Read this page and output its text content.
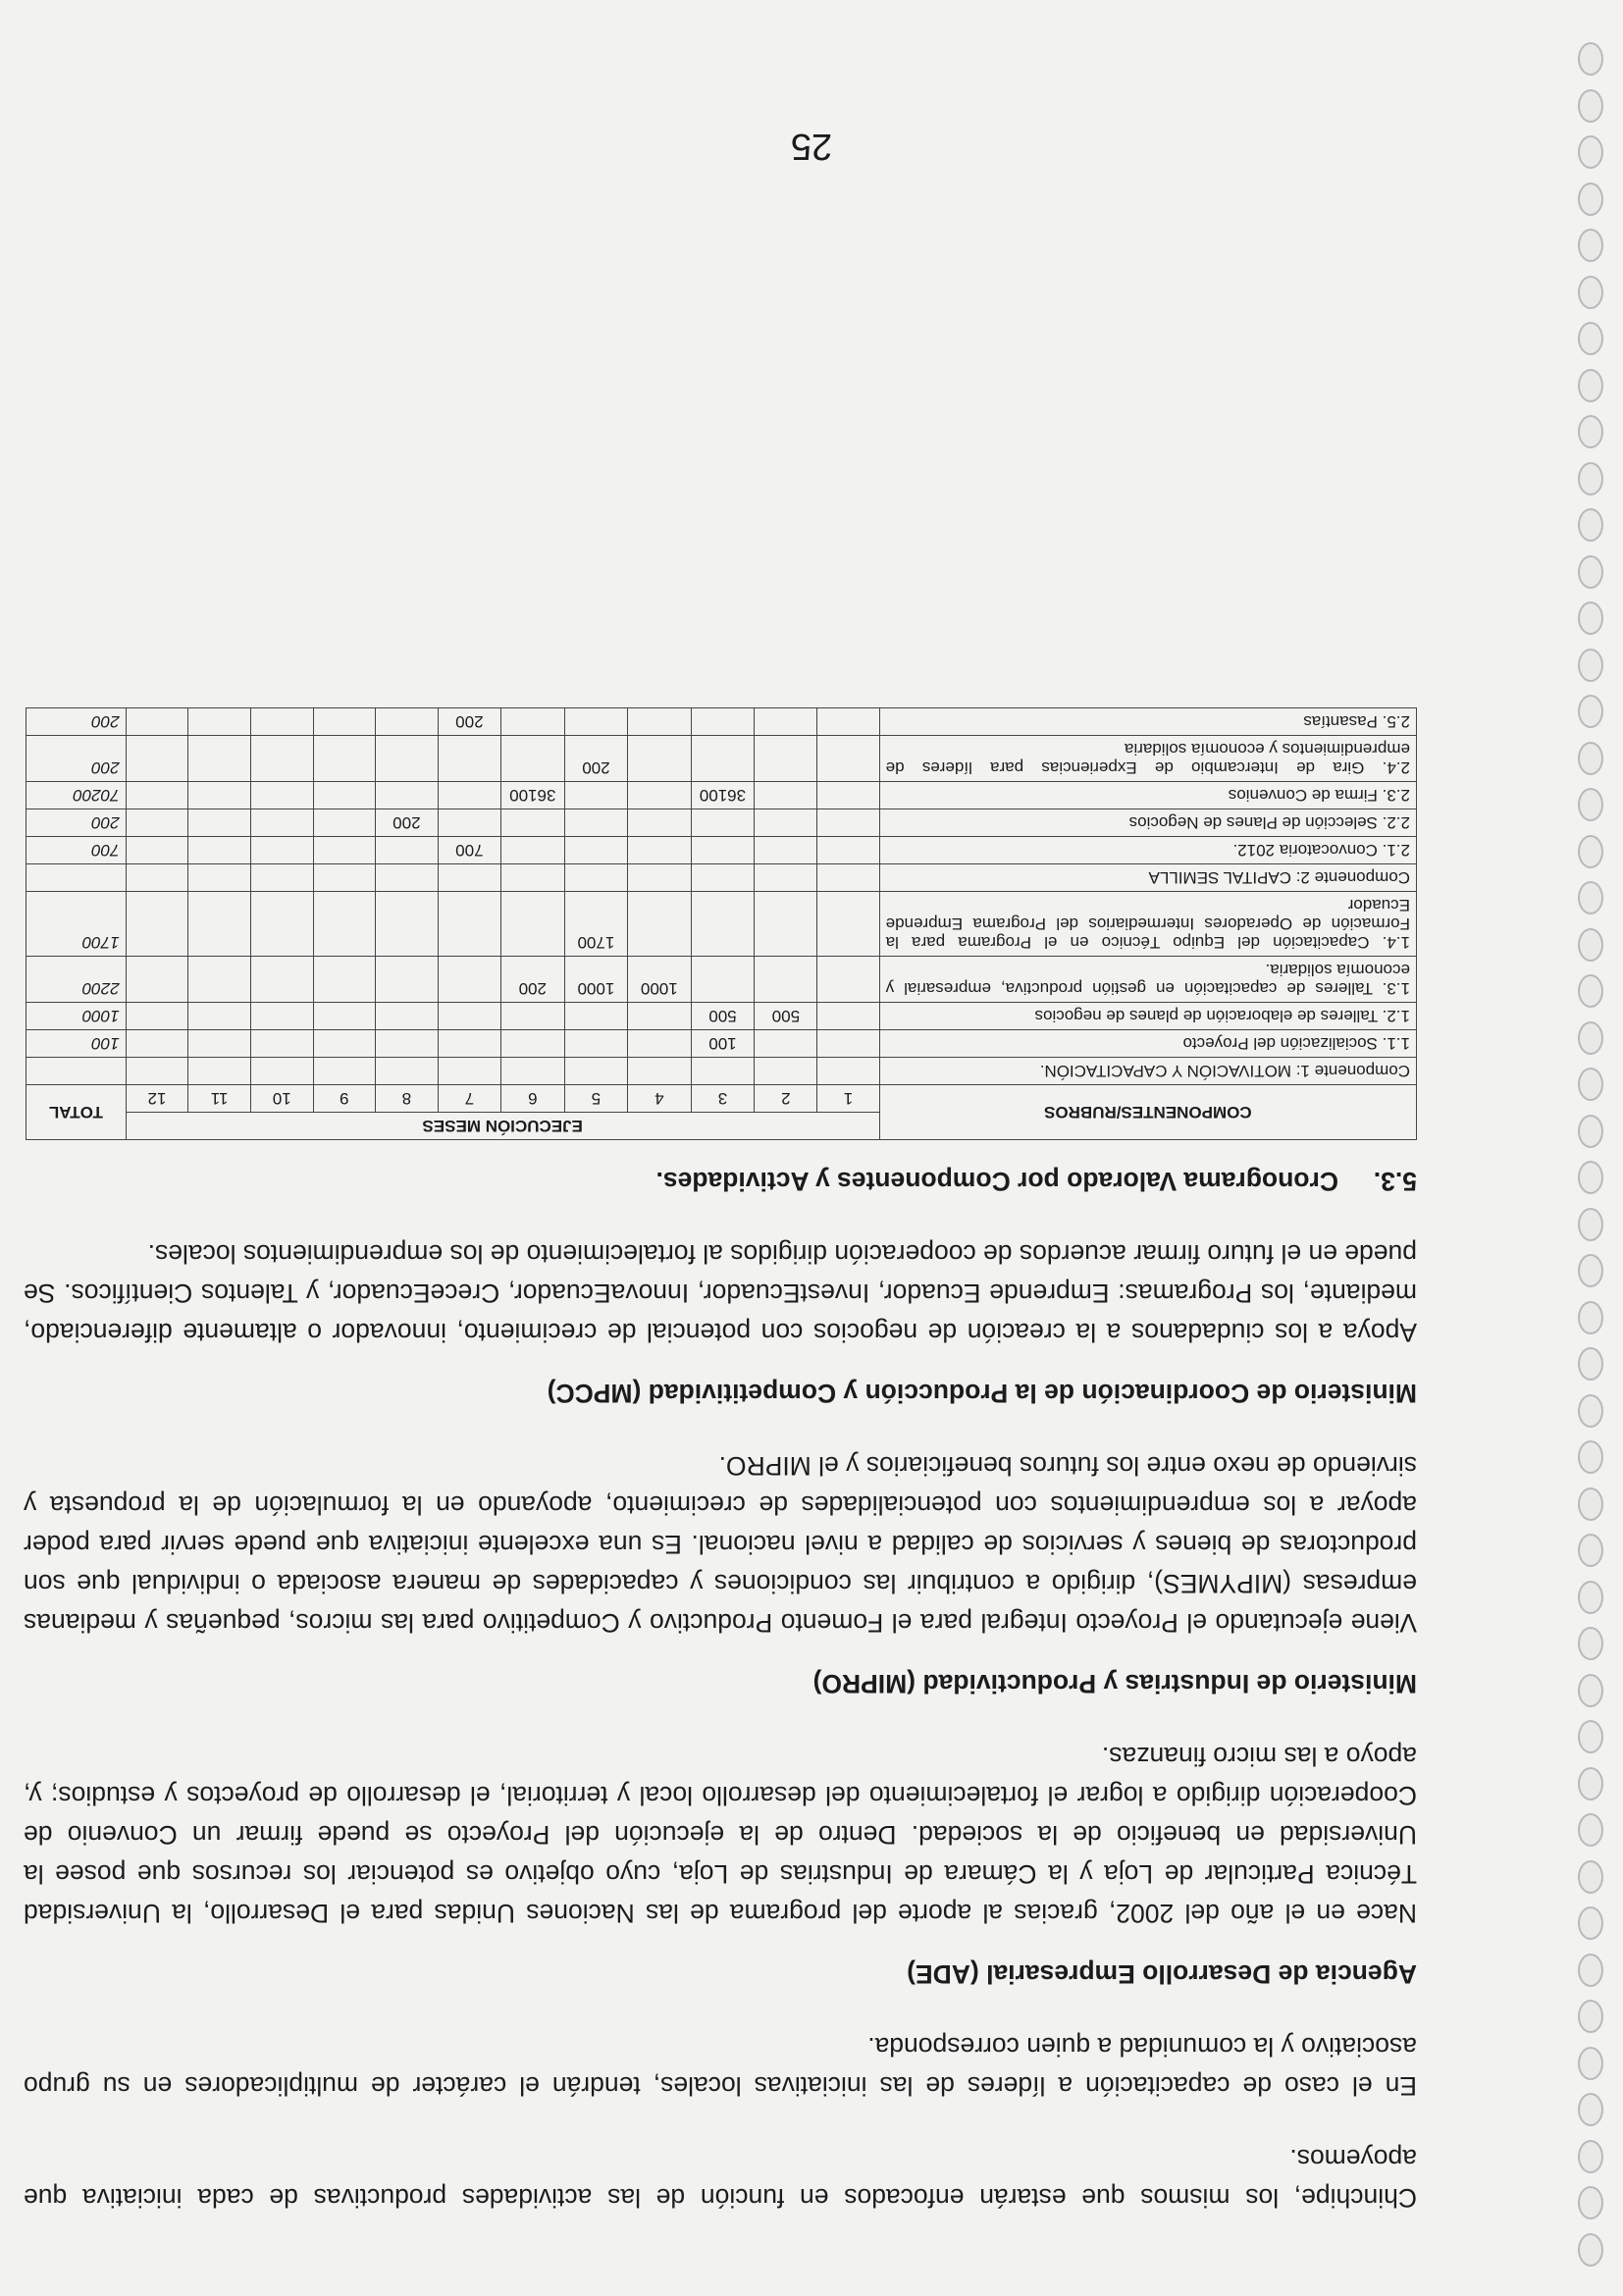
Chinchipe, los mismos que estarán enfocados en función de las actividades productivas de cada iniciativa que apoyemos.

En el caso de capacitación a líderes de las iniciativas locales, tendrán el carácter de multiplicadores en su grupo asociativo y la comunidad a quien corresponda.

Agencia de Desarrollo Empresarial (ADE)

Nace en el año del 2002, gracias al aporte del programa de las Naciones Unidas para el Desarrollo, la Universidad Técnica Particular de Loja y la Cámara de Industrias de Loja, cuyo objetivo es potenciar los recursos que posee la Universidad en beneficio de la sociedad. Dentro de la ejecución del Proyecto se puede firmar un Convenio de Cooperación dirigido a lograr el fortalecimiento del desarrollo local y territorial, el desarrollo de proyectos y estudios; y, apoyo a las micro finanzas.

Ministerio de Industrias y Productividad (MIPRO)

Viene ejecutando el Proyecto Integral para el Fomento Productivo y Competitivo para las micros, pequeñas y medianas empresas (MIPYMES), dirigido a contribuir las condiciones y capacidades de manera asociada o individual que son productoras de bienes y servicios de calidad a nivel nacional. Es una excelente iniciativa que puede servir para poder apoyar a los emprendimientos con potencialidades de crecimiento, apoyando en la formulación de la propuesta y sirviendo de nexo entre los futuros beneficiarios y el MIPRO.

Ministerio de Coordinación de la Producción y Competitividad (MPCC)

Apoya a los ciudadanos a la creación de negocios con potencial de crecimiento, innovador o altamente diferenciado, mediante, los Programas: Emprende Ecuador, InvestEcuador, InnovaEcuador, CreceEcuador, y Talentos Científicos. Se puede en el futuro firmar acuerdos de cooperación dirigidos al fortalecimiento de los emprendimientos locales.

5.3.Cronograma Valorado por Componentes y Actividades.

COMPONENTES/RUBROS	EJECUCIÓN MESES												TOTAL
	1	2	3	4	5	6	7	8	9	10	11	12	
Componente 1: MOTIVACIÓN Y CAPACITACIÓN.													
1.1. Socialización del Proyecto			100										100
1.2. Talleres de elaboración de planes de negocios		500	500										1000
1.3. Talleres de capacitación en gestión productiva, empresarial y economía solidaria.				1000	1000	200							2200
1.4. Capacitación del Equipo Técnico en el Programa para la Formación de Operadores Intermediarios del Programa Emprende Ecuador					1700								1700
Componente 2: CAPITAL SEMILLA													
2.1. Convocatoria 2012.							700						700
2.2. Selección de Planes de Negocios								200					200
2.3. Firma de Convenios			36100			36100							70200
2.4. Gira de Intercambio de Experiencias para líderes de emprendimientos y economía solidaria					200								200
2.5. Pasantías							200						200
25
